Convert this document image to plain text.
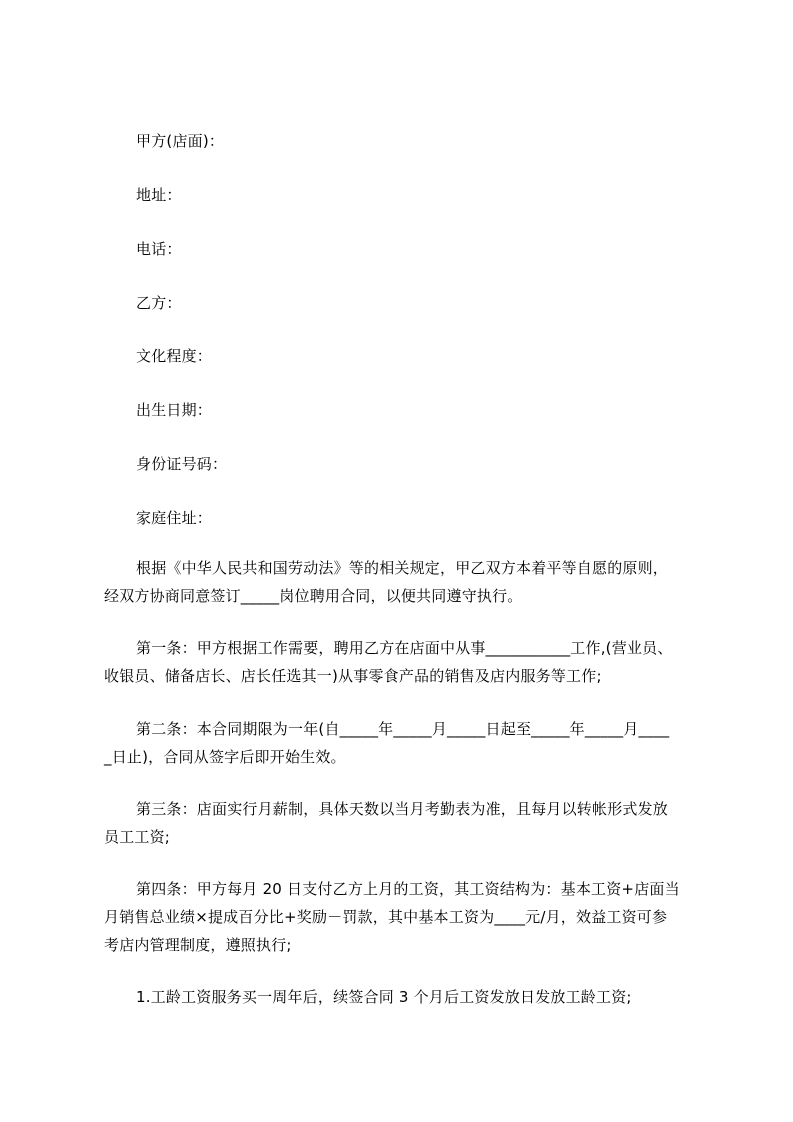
甲方(店面)：
地址：
电话：
乙方：
文化程度：
出生日期：
身份证号码：
家庭住址：
根据《中华人民共和国劳动法》等的相关规定，甲乙双方本着平等自愿的原则，
经双方协商同意签订_____岗位聘用合同，以便共同遵守执行。
第一条：甲方根据工作需要，聘用乙方在店面中从事___________工作,(营业员、
收银员、储备店长、店长任选其一)从事零食产品的销售及店内服务等工作;
第二条：本合同期限为一年(自_____年_____月_____日起至_____年_____月____
_日止)，合同从签字后即开始生效。
第三条：店面实行月薪制，具体天数以当月考勤表为准，且每月以转帐形式发放
员工工资;
第四条：甲方每月 20 日支付乙方上月的工资，其工资结构为：基本工资+店面当
月销售总业绩×提成百分比+奖励－罚款，其中基本工资为____元/月，效益工资可参
考店内管理制度，遵照执行;
1.工龄工资服务买一周年后，续签合同 3 个月后工资发放日发放工龄工资;
